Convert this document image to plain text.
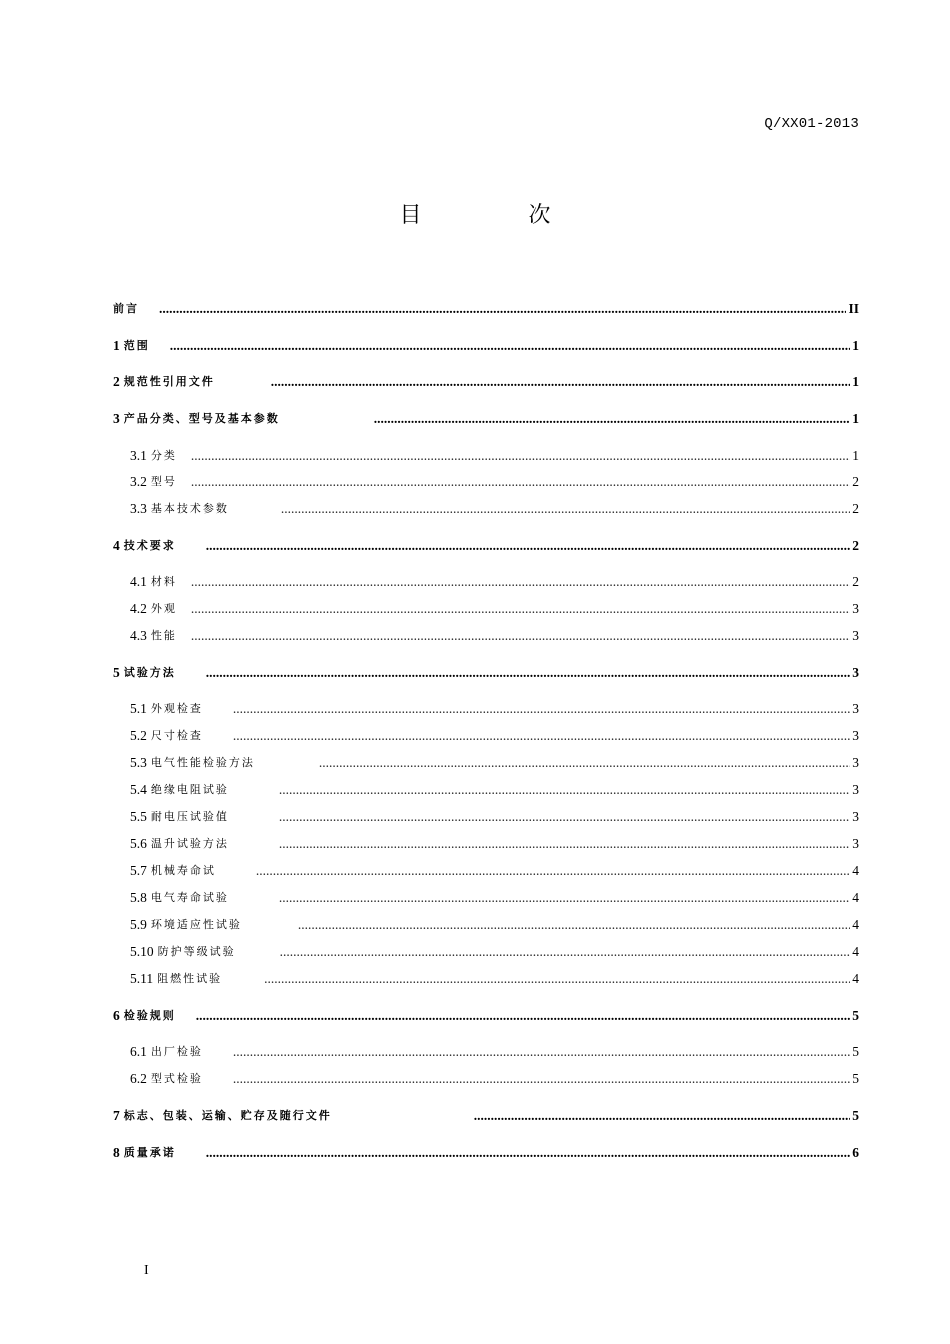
Q/XX01-2013
目 次
前言 .....	II
1 范围 .....	1
2 规范性引用文件 .....	1
3 产品分类、型号及基本参数 .....	1
3.1 分类 .....	1
3.2 型号 .....	2
3.3 基本技术参数 .....	2
4 技术要求 .....	2
4.1 材料 .....	2
4.2 外观 .....	3
4.3 性能 .....	3
5 试验方法 .....	3
5.1 外观检查 .....	3
5.2 尺寸检查 .....	3
5.3 电气性能检验方法 .....	3
5.4 绝缘电阻试验 .....	3
5.5 耐电压试验值 .....	3
5.6 温升试验方法 .....	3
5.7 机械寿命试 .....	4
5.8 电气寿命试验 .....	4
5.9 环境适应性试验 .....	4
5.10 防护等级试验 .....	4
5.11 阻燃性试验 .....	4
6 检验规则 .....	5
6.1 出厂检验 .....	5
6.2 型式检验 .....	5
7 标志、包装、运输、贮存及随行文件 .....	5
8 质量承诺 .....	6
I
